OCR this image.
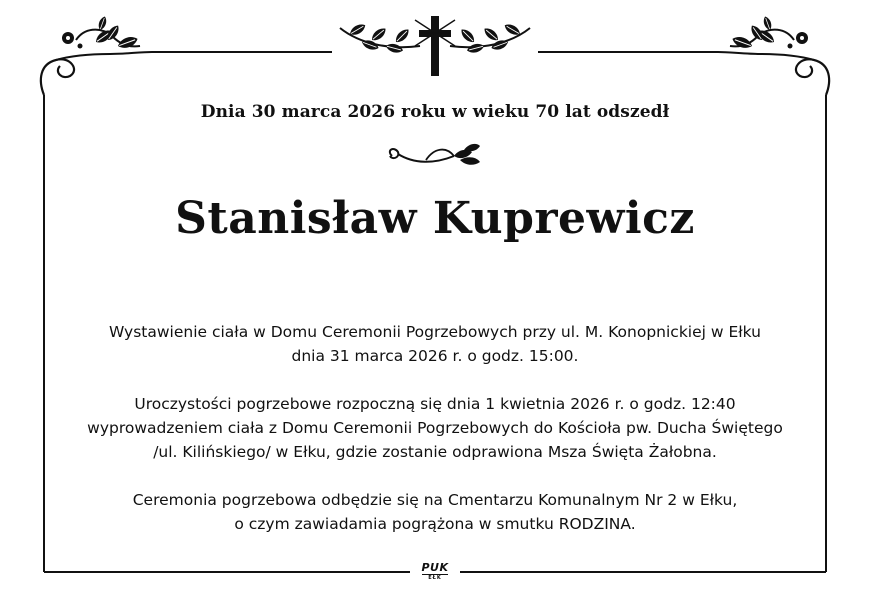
Dnia 30 marca 2026 roku w wieku 70 lat odszedł
Stanisław Kuprewicz
Wystawienie ciała w Domu Ceremonii Pogrzebowych przy ul. M. Konopnickiej w Ełku
dnia 31 marca 2026 r. o godz. 15:00.
Uroczystości pogrzebowe rozpoczną się dnia 1 kwietnia 2026 r. o godz. 12:40
wyprowadzeniem ciała z Domu Ceremonii Pogrzebowych do Kościoła pw. Ducha Świętego
/ul. Kilińskiego/ w Ełku, gdzie zostanie odprawiona Msza Święta Żałobna.
Ceremonia pogrzebowa odbędzie się na Cmentarzu Komunalnym Nr 2 w Ełku,
o czym zawiadamia pogrążona w smutku RODZINA.
PUK
EŁK
